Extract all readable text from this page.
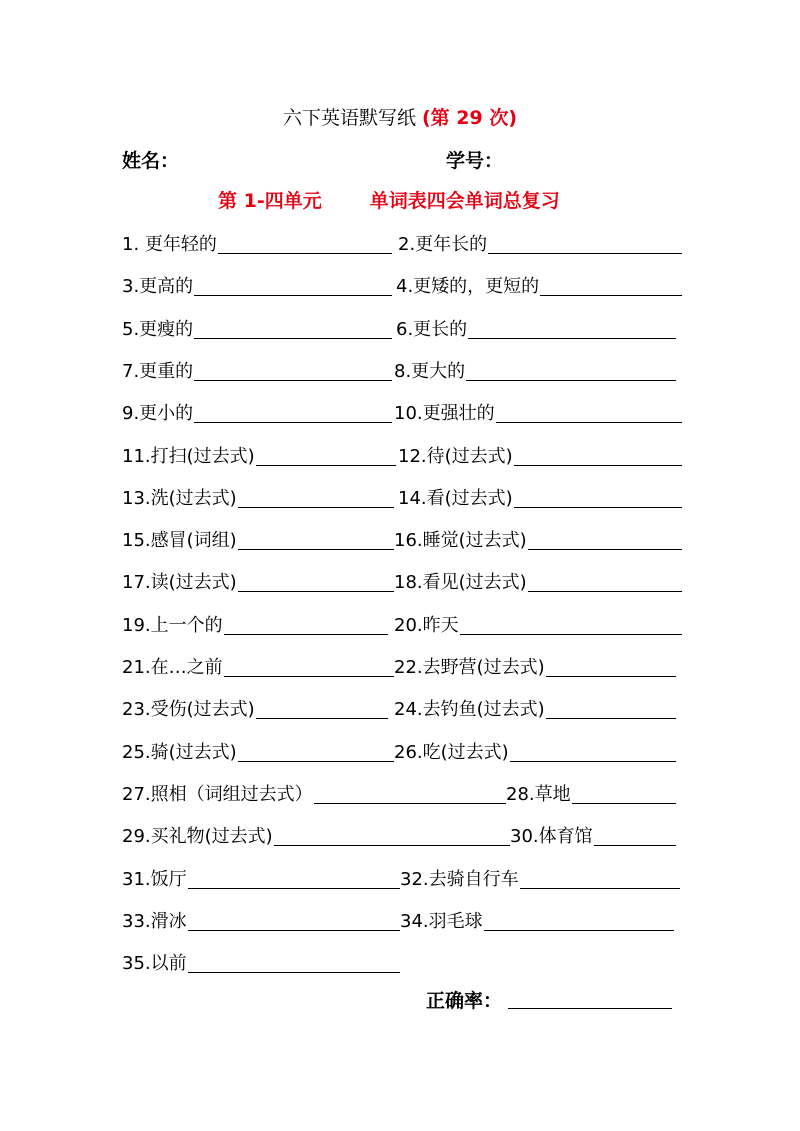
六下英语默写纸 (第 29 次)
姓名：	学号：
第 1-四单元	单词表四会单词总复习
1. 更年轻的	2.更年长的
3.更高的	4.更矮的，更短的
5.更瘦的	6.更长的
7.更重的	8.更大的
9.更小的	10.更强壮的
11.打扫(过去式)	12.待(过去式)
13.洗(过去式)	14.看(过去式)
15.感冒(词组)	16.睡觉(过去式)
17.读(过去式)	18.看见(过去式)
19.上一个的	20.昨天
21.在…之前	22.去野营(过去式)
23.受伤(过去式)	24.去钓鱼(过去式)
25.骑(过去式)	26.吃(过去式)
27.照相（词组过去式）	28.草地
29.买礼物(过去式)	30.体育馆
31.饭厅	32.去骑自行车
33.滑冰	34.羽毛球
35.以前
正确率：
